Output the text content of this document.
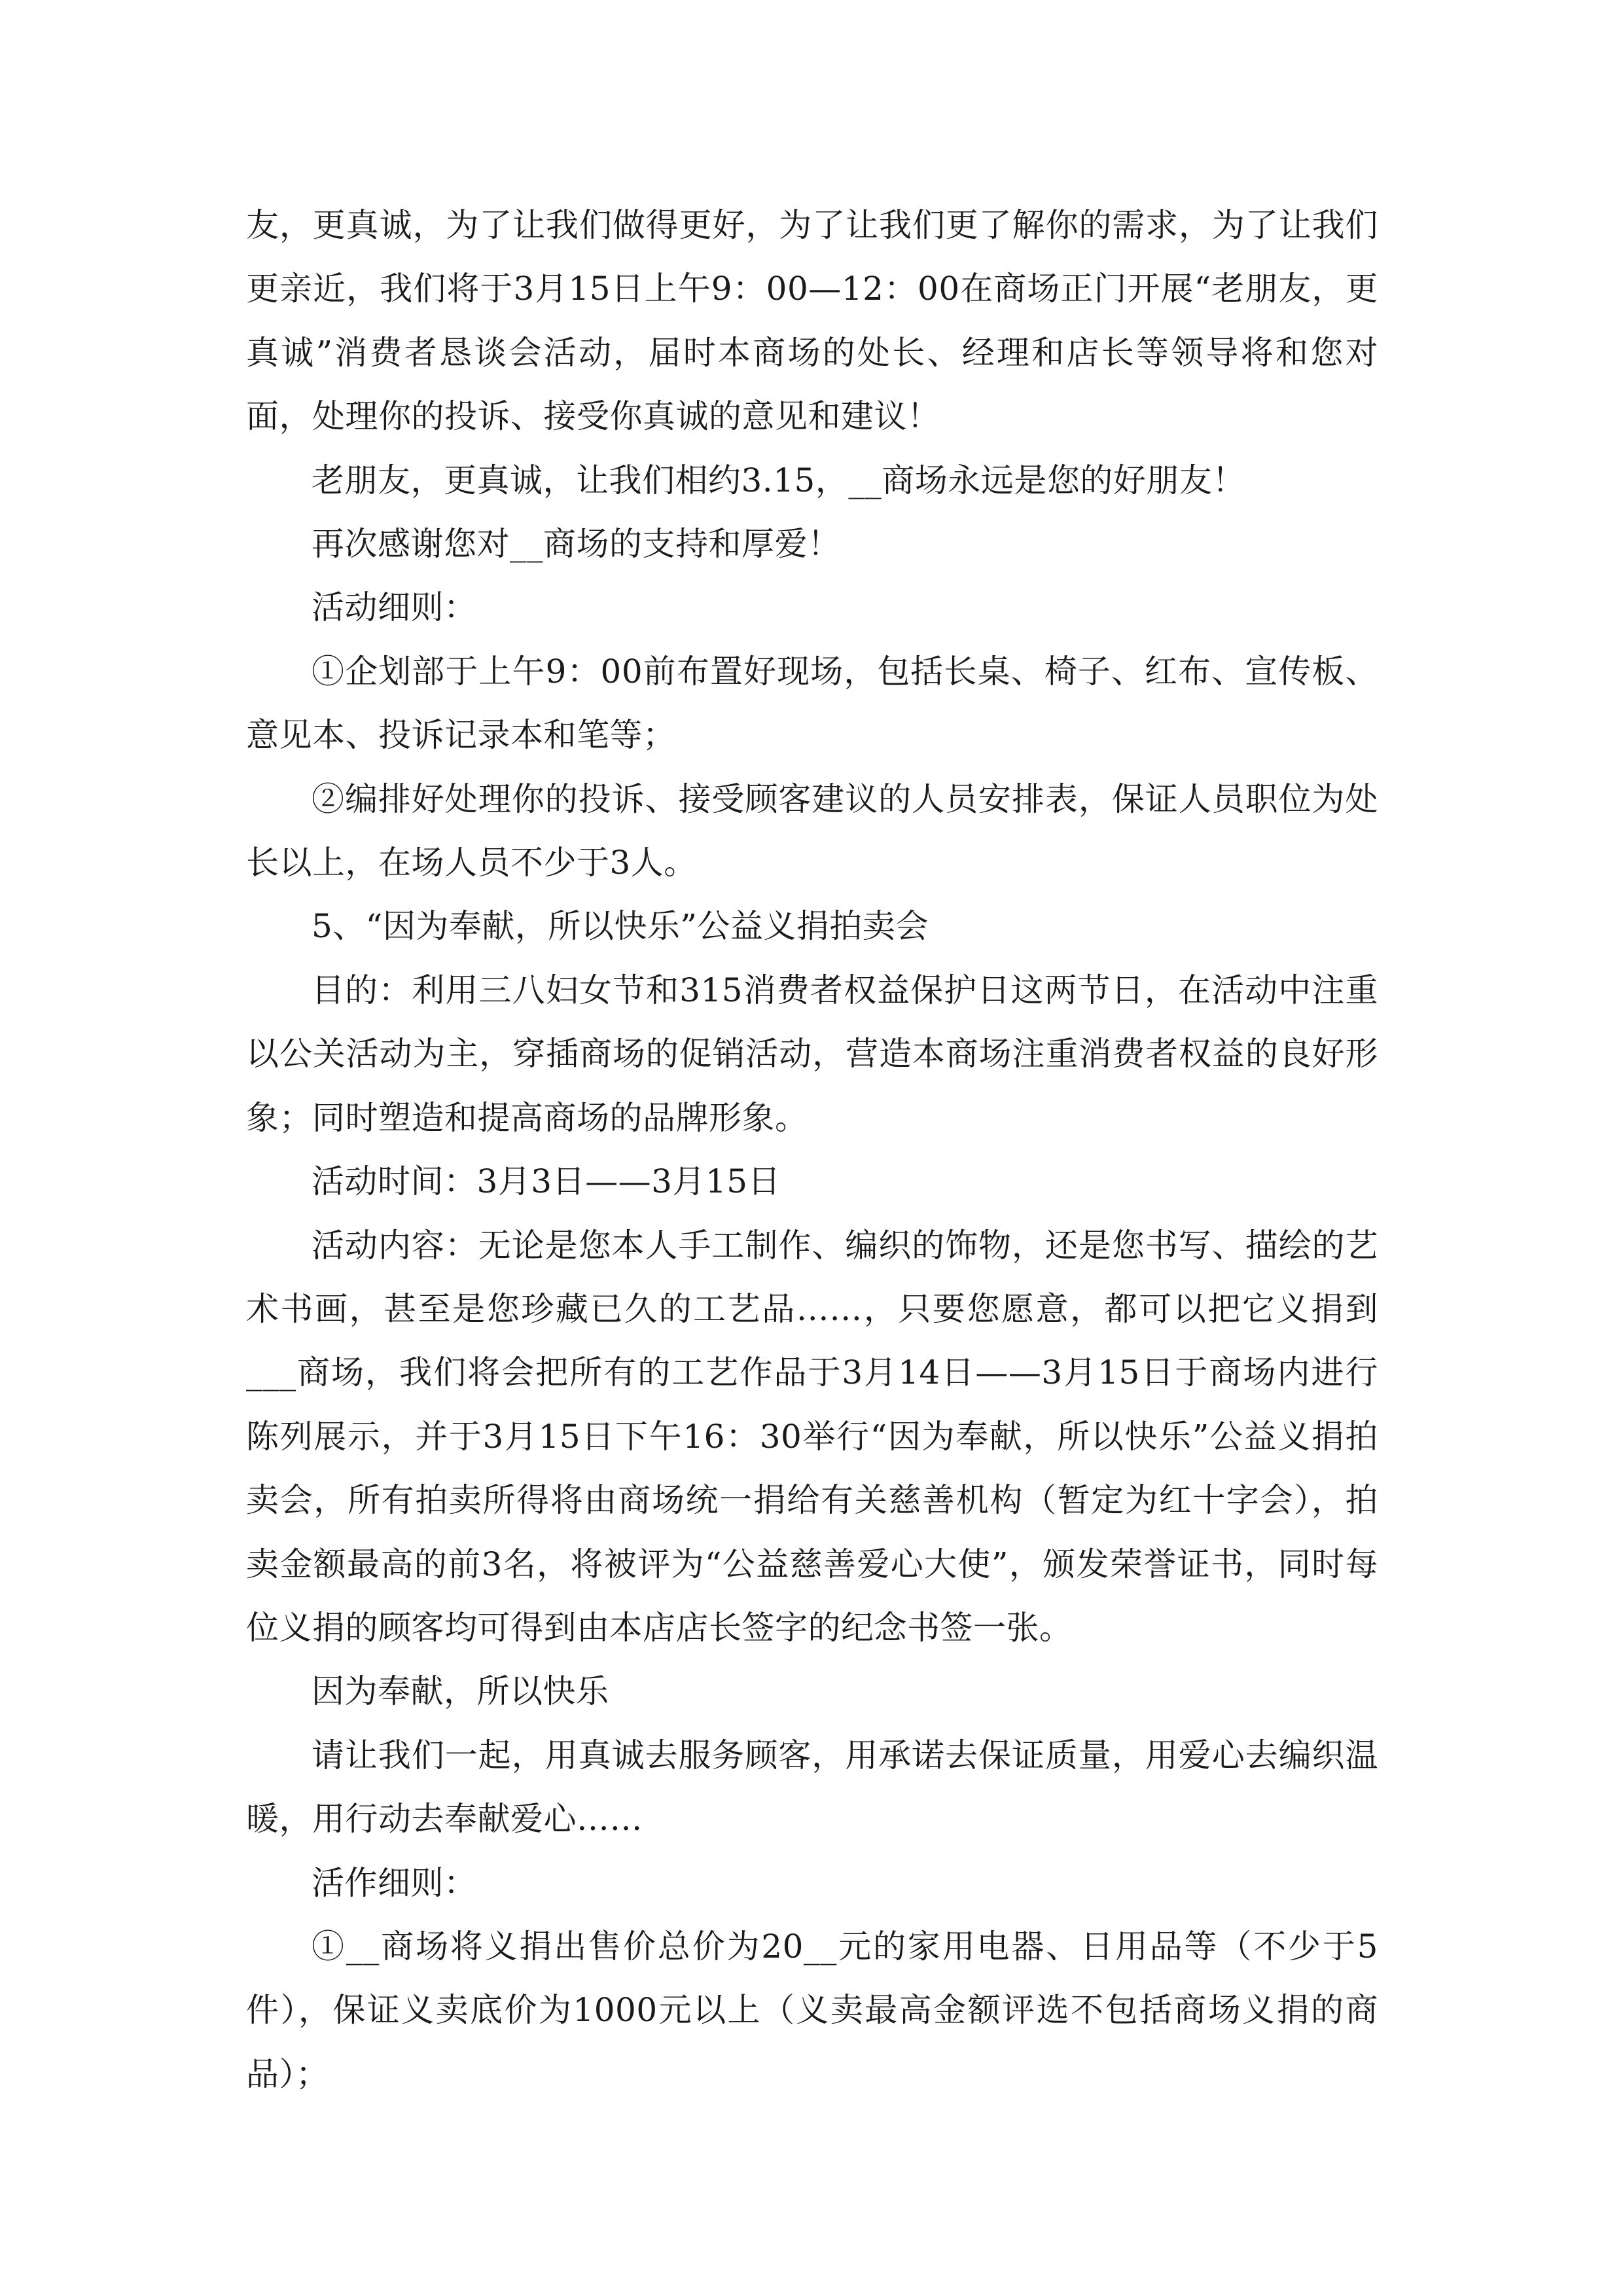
友，更真诚，为了让我们做得更好，为了让我们更了解你的需求，为了让我们更亲近，我们将于3月15日上午9：00—12：00在商场正门开展“老朋友，更真诚”消费者恳谈会活动，届时本商场的处长、经理和店长等领导将和您对面，处理你的投诉、接受你真诚的意见和建议！

老朋友，更真诚，让我们相约3.15，__商场永远是您的好朋友！

再次感谢您对__商场的支持和厚爱！

活动细则：

①企划部于上午9：00前布置好现场，包括长桌、椅子、红布、宣传板、意见本、投诉记录本和笔等；

②编排好处理你的投诉、接受顾客建议的人员安排表，保证人员职位为处长以上，在场人员不少于3人。

5、“因为奉献，所以快乐”公益义捐拍卖会

目的：利用三八妇女节和315消费者权益保护日这两节日，在活动中注重以公关活动为主，穿插商场的促销活动，营造本商场注重消费者权益的良好形象；同时塑造和提高商场的品牌形象。

活动时间：3月3日——3月15日

活动内容：无论是您本人手工制作、编织的饰物，还是您书写、描绘的艺术书画，甚至是您珍藏已久的工艺品……，只要您愿意，都可以把它义捐到___商场，我们将会把所有的工艺作品于3月14日——3月15日于商场内进行陈列展示，并于3月15日下午16：30举行“因为奉献，所以快乐”公益义捐拍卖会，所有拍卖所得将由商场统一捐给有关慈善机构（暂定为红十字会），拍卖金额最高的前3名，将被评为“公益慈善爱心大使”，颁发荣誉证书，同时每位义捐的顾客均可得到由本店店长签字的纪念书签一张。

因为奉献，所以快乐

请让我们一起，用真诚去服务顾客，用承诺去保证质量，用爱心去编织温暖，用行动去奉献爱心……

活作细则：

①__商场将义捐出售价总价为20__元的家用电器、日用品等（不少于5件），保证义卖底价为1000元以上（义卖最高金额评选不包括商场义捐的商品）；
